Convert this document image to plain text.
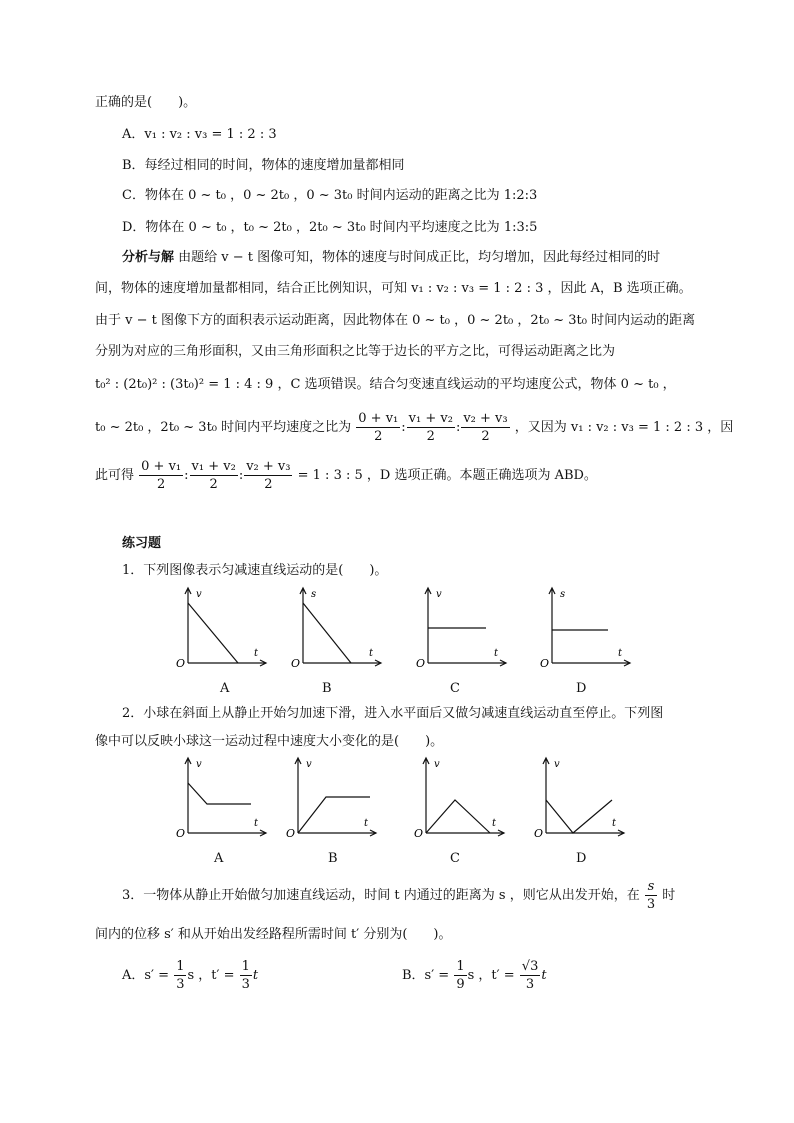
正确的是(　　)。
A．v₁ : v₂ : v₃ = 1 : 2 : 3
B．每经过相同的时间，物体的速度增加量都相同
C．物体在 0 ~ t₀ ，0 ~ 2t₀ ，0 ~ 3t₀ 时间内运动的距离之比为 1:2:3
D．物体在 0 ~ t₀ ，t₀ ~ 2t₀ ，2t₀ ~ 3t₀ 时间内平均速度之比为 1:3:5
分析与解 由题给 v − t 图像可知，物体的速度与时间成正比，均匀增加，因此每经过相同的时
间，物体的速度增加量都相同，结合正比例知识，可知 v₁ : v₂ : v₃ = 1 : 2 : 3 ，因此 A，B 选项正确。
由于 v − t 图像下方的面积表示运动距离，因此物体在 0 ~ t₀ ，0 ~ 2t₀ ，2t₀ ~ 3t₀ 时间内运动的距离
分别为对应的三角形面积，又由三角形面积之比等于边长的平方之比，可得运动距离之比为
t₀² : (2t₀)² : (3t₀)² = 1 : 4 : 9 ，C 选项错误。结合匀变速直线运动的平均速度公式，物体 0 ~ t₀ ，
t₀ ~ 2t₀ ，2t₀ ~ 3t₀ 时间内平均速度之比为 $\frac{\text{0 + v₁}}{2}$ : $\frac{\text{v₁ + v₂}}{2}$ : $\frac{\text{v₂ + v₃}}{2}$ ，又因为 v₁ : v₂ : v₃ = 1 : 2 : 3 ，因
此可得 $\frac{\text{0 + v₁}}{2}$ : $\frac{\text{v₁ + v₂}}{2}$ : $\frac{\text{v₂ + v₃}}{2} = 1$ : 3 : 5 ，D 选项正确。本题正确选项为 ABD。
练习题
1．下列图像表示匀减速直线运动的是(　　)。
v
t
O
A
s
t
O
B
v
t
O
C
s
t
O
D
2．小球在斜面上从静止开始匀加速下滑，进入水平面后又做匀减速直线运动直至停止。下列图
像中可以反映小球这一运动过程中速度大小变化的是(　　)。
v
t
O
A
v
t
O
B
v
t
O
C
v
t
O
D
3．一物体从静止开始做匀加速直线运动，时间 t 内通过的距离为 s ，则它从出发开始，在 $\frac{s}{3}$ 时
间内的位移 s′ 和从开始出发经路程所需时间 t′ 分别为(　　)。
A．$s' = \frac{1}{3}$ s ，$t' = \frac{1}{3}$ t	B．$s' = \frac{1}{9}$ s ，$t' = \frac{√3}{3}$ t
